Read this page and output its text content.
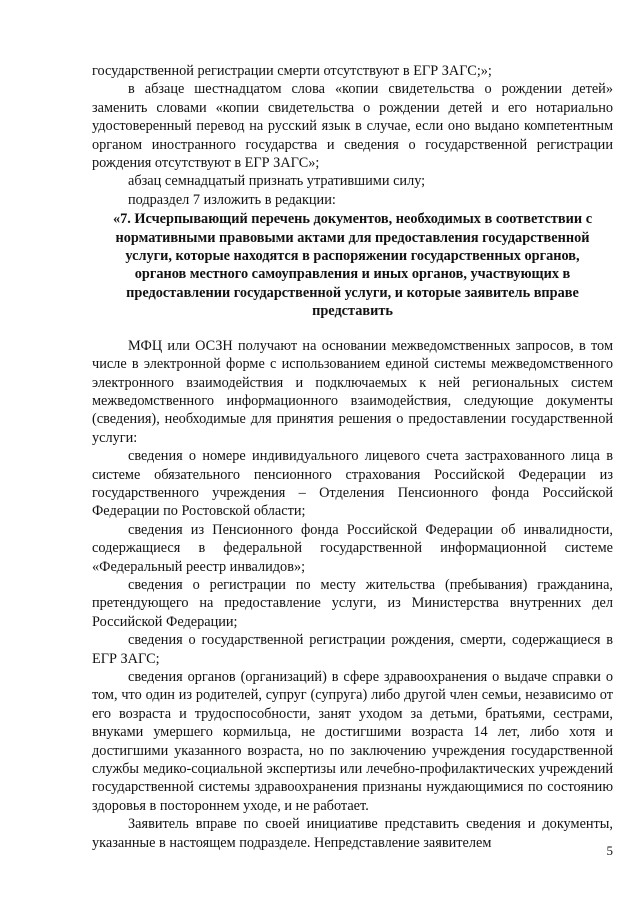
государственной регистрации смерти отсутствуют в ЕГР ЗАГС;»;

в абзаце шестнадцатом слова «копии свидетельства о рождении детей» заменить словами «копии свидетельства о рождении детей и его нотариально удостоверенный перевод на русский язык в случае, если оно выдано компетентным органом иностранного государства и сведения о государственной регистрации рождения отсутствуют в ЕГР ЗАГС»;

абзац семнадцатый признать утратившими силу;

подраздел 7 изложить в редакции:

«7. Исчерпывающий перечень документов, необходимых в соответствии с нормативными правовыми актами для предоставления государственной услуги, которые находятся в распоряжении государственных органов, органов местного самоуправления и иных органов, участвующих в предоставлении государственной услуги, и которые заявитель вправе представить

МФЦ или ОСЗН получают на основании межведомственных запросов, в том числе в электронной форме с использованием единой системы межведомственного электронного взаимодействия и подключаемых к ней региональных систем межведомственного информационного взаимодействия, следующие документы (сведения), необходимые для принятия решения о предоставлении государственной услуги:

сведения о номере индивидуального лицевого счета застрахованного лица в системе обязательного пенсионного страхования Российской Федерации из государственного учреждения – Отделения Пенсионного фонда Российской Федерации по Ростовской области;

сведения из Пенсионного фонда Российской Федерации об инвалидности, содержащиеся в федеральной государственной информационной системе «Федеральный реестр инвалидов»;

сведения о регистрации по месту жительства (пребывания) гражданина, претендующего на предоставление услуги, из Министерства внутренних дел Российской Федерации;

сведения о государственной регистрации рождения, смерти, содержащиеся в ЕГР ЗАГС;

сведения органов (организаций) в сфере здравоохранения о выдаче справки о том, что один из родителей, супруг (супруга) либо другой член семьи, независимо от его возраста и трудоспособности, занят уходом за детьми, братьями, сестрами, внуками умершего кормильца, не достигшими возраста 14 лет, либо хотя и достигшими указанного возраста, но по заключению учреждения государственной службы медико-социальной экспертизы или лечебно-профилактических учреждений государственной системы здравоохранения признаны нуждающимися по состоянию здоровья в постороннем уходе, и не работает.

Заявитель вправе по своей инициативе представить сведения и документы, указанные в настоящем подразделе. Непредставление заявителем	5
